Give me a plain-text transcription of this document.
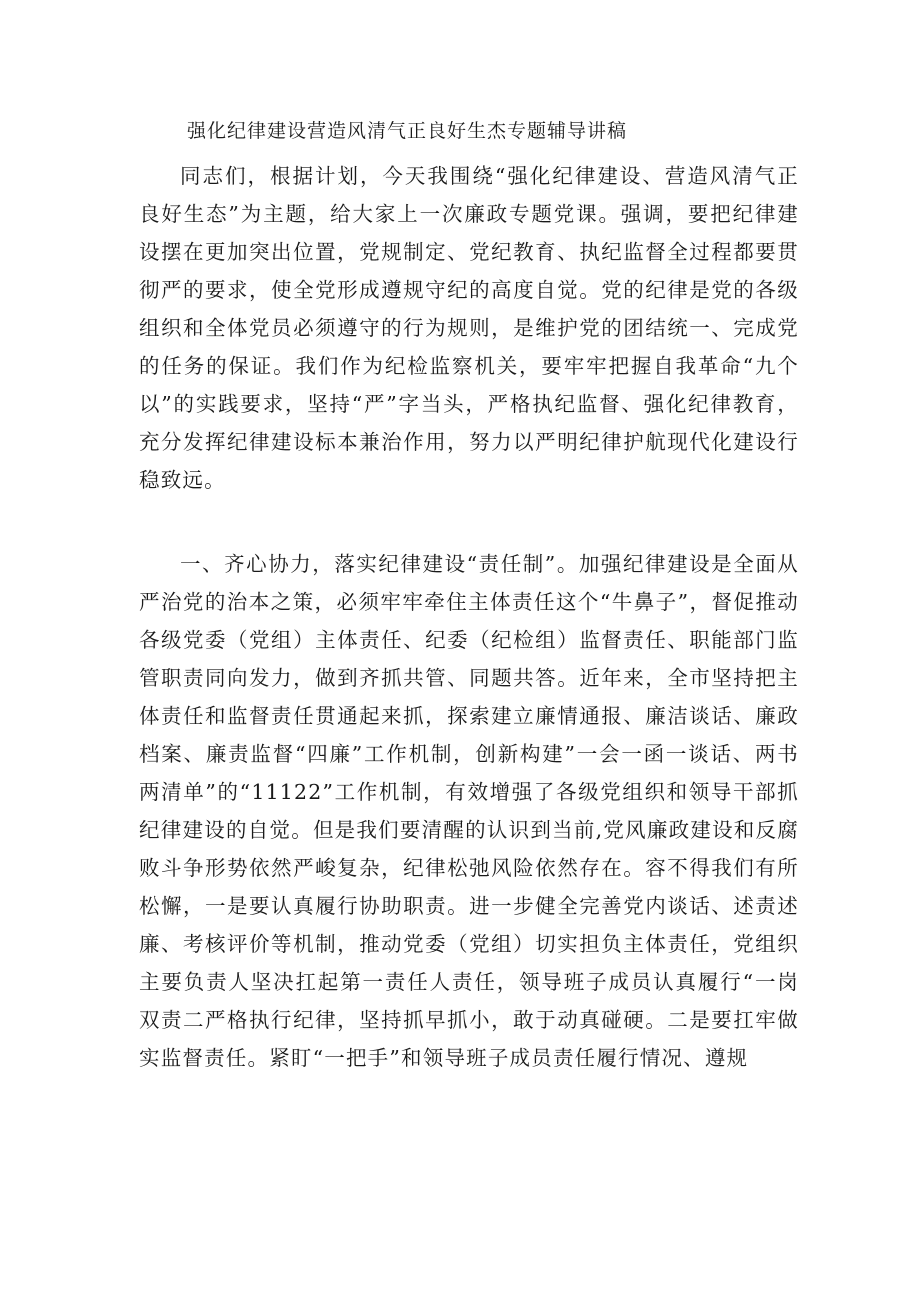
强化纪律建设营造风清气正良好生杰专题辅导讲稿

同志们，根据计划，今天我围绕“强化纪律建设、营造风清气正良好生态”为主题，给大家上一次廉政专题党课。强调，要把纪律建设摆在更加突出位置，党规制定、党纪教育、执纪监督全过程都要贯彻严的要求，使全党形成遵规守纪的高度自觉。党的纪律是党的各级组织和全体党员必须遵守的行为规则，是维护党的团结统一、完成党的任务的保证。我们作为纪检监察机关，要牢牢把握自我革命“九个以”的实践要求，坚持“严”字当头，严格执纪监督、强化纪律教育，充分发挥纪律建设标本兼治作用，努力以严明纪律护航现代化建设行稳致远。

一、齐心协力，落实纪律建设“责任制”。加强纪律建设是全面从严治党的治本之策，必须牢牢牵住主体责任这个“牛鼻子”，督促推动各级党委（党组）主体责任、纪委（纪检组）监督责任、职能部门监管职责同向发力，做到齐抓共管、同题共答。近年来，全市坚持把主体责任和监督责任贯通起来抓，探索建立廉情通报、廉洁谈话、廉政档案、廉责监督“四廉”工作机制，创新构建”一会一函一谈话、两书两清单”的“11122”工作机制，有效增强了各级党组织和领导干部抓纪律建设的自觉。但是我们要清醒的认识到当前,党风廉政建设和反腐败斗争形势依然严峻复杂，纪律松弛风险依然存在。容不得我们有所松懈，一是要认真履行协助职责。进一步健全完善党内谈话、述责述廉、考核评价等机制，推动党委（党组）切实担负主体责任，党组织主要负责人坚决扛起第一责任人责任，领导班子成员认真履行“一岗双责二严格执行纪律，坚持抓早抓小，敢于动真碰硬。二是要扛牢做实监督责任。紧盯“一把手”和领导班子成员责任履行情况、遵规
